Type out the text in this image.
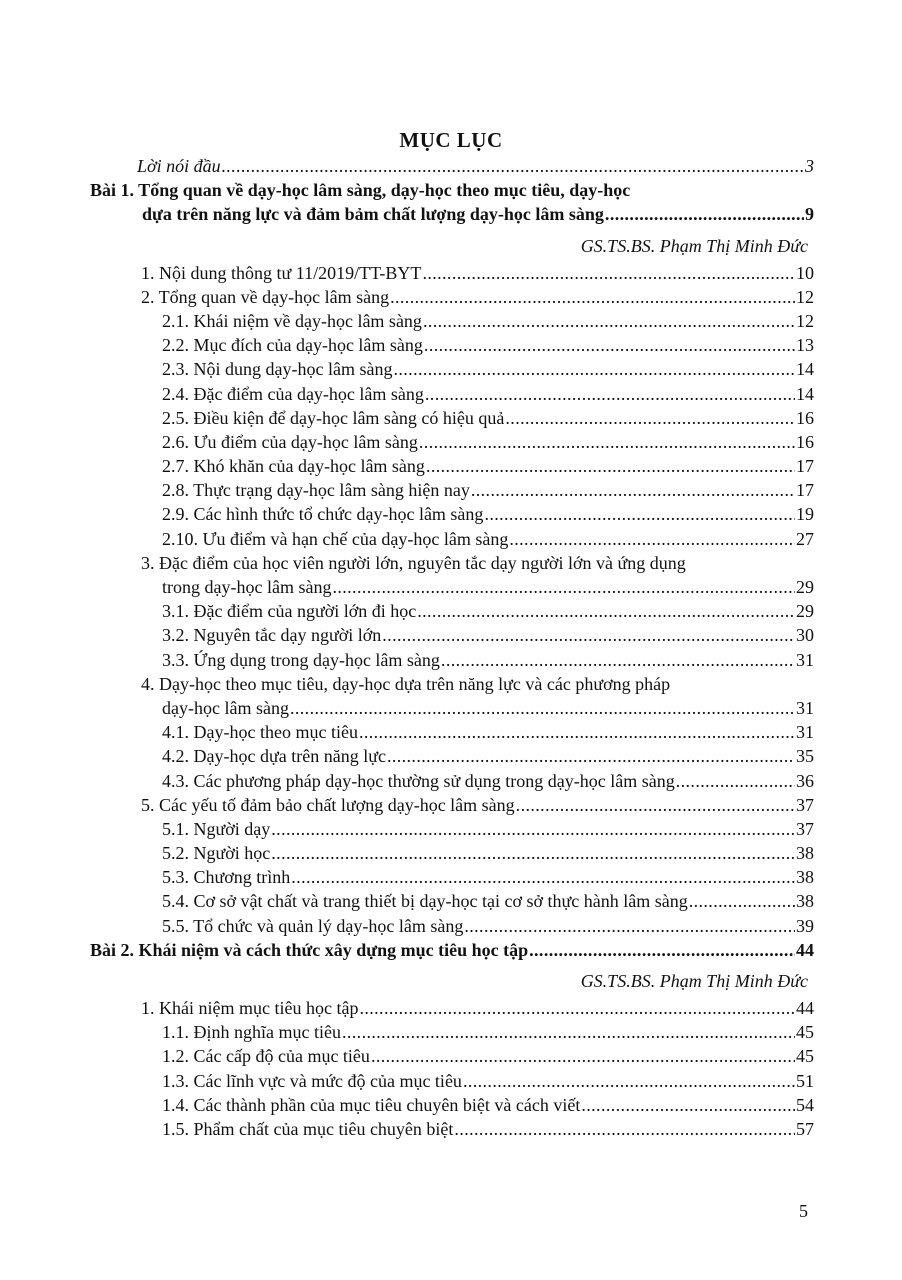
MỤC LỤC
Lời nói đầu .....	3
Bài 1. Tổng quan về dạy-học lâm sàng, dạy-học theo mục tiêu, dạy-học
dựa trên năng lực và đảm bảm chất lượng dạy-học lâm sàng .....	9
GS.TS.BS. Phạm Thị Minh Đức
1. Nội dung thông tư 11/2019/TT-BYT .....	10
2. Tổng quan về dạy-học lâm sàng .....	12
2.1. Khái niệm về dạy-học lâm sàng .....	12
2.2. Mục đích của dạy-học lâm sàng .....	13
2.3. Nội dung dạy-học lâm sàng .....	14
2.4. Đặc điểm của dạy-học lâm sàng .....	14
2.5. Điều kiện để dạy-học lâm sàng có hiệu quả .....	16
2.6. Ưu điểm của dạy-học lâm sàng .....	16
2.7. Khó khăn của dạy-học lâm sàng .....	17
2.8. Thực trạng dạy-học lâm sàng hiện nay .....	17
2.9. Các hình thức tổ chức dạy-học lâm sàng .....	19
2.10. Ưu điểm và hạn chế của dạy-học lâm sàng .....	27
3. Đặc điểm của học viên người lớn, nguyên tắc dạy người lớn và ứng dụng
trong dạy-học lâm sàng .....	29
3.1. Đặc điểm của người lớn đi học .....	29
3.2. Nguyên tắc dạy người lớn .....	30
3.3. Ứng dụng trong dạy-học lâm sàng .....	31
4. Dạy-học theo mục tiêu, dạy-học dựa trên năng lực và các phương pháp
dạy-học lâm sàng .....	31
4.1. Dạy-học theo mục tiêu .....	31
4.2. Dạy-học dựa trên năng lực .....	35
4.3. Các phương pháp dạy-học thường sử dụng trong dạy-học lâm sàng .....	36
5. Các yếu tố đảm bảo chất lượng dạy-học lâm sàng .....	37
5.1. Người dạy .....	37
5.2. Người học .....	38
5.3. Chương trình .....	38
5.4. Cơ sở vật chất và trang thiết bị dạy-học tại cơ sở thực hành lâm sàng .....	38
5.5. Tổ chức và quản lý dạy-học lâm sàng .....	39
Bài 2. Khái niệm và cách thức xây dựng mục tiêu học tập .....	44
GS.TS.BS. Phạm Thị Minh Đức
1. Khái niệm mục tiêu học tập .....	44
1.1. Định nghĩa mục tiêu .....	45
1.2. Các cấp độ của mục tiêu .....	45
1.3. Các lĩnh vực và mức độ của mục tiêu .....	51
1.4. Các thành phần của mục tiêu chuyên biệt và cách viết .....	54
1.5. Phẩm chất của mục tiêu chuyên biệt .....	57
5
